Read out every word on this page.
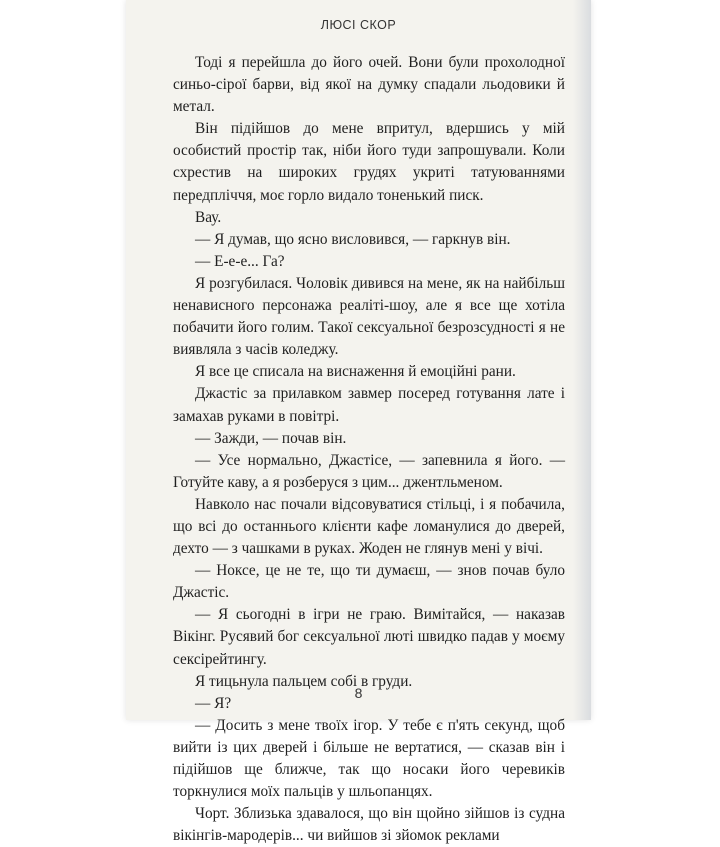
ЛЮСІ СКОР

Тоді я перейшла до його очей. Вони були прохолодної синьо-сірої барви, від якої на думку спадали льодовики й метал.

Він підійшов до мене впритул, вдершись у мій особистий простір так, ніби його туди запрошували. Коли схрестив на широких грудях укриті татуюваннями передпліччя, моє горло видало тоненький писк.

Вау.

— Я думав, що ясно висловився, — гаркнув він.

— Е-е-е... Га?

Я розгубилася. Чоловік дивився на мене, як на найбільш ненависного персонажа реаліті-шоу, але я все ще хотіла побачити його голим. Такої сексуальної безрозсудності я не виявляла з часів коледжу.

Я все це списала на виснаження й емоційні рани.

Джастіс за прилавком завмер посеред готування лате і замахав руками в повітрі.

— Зажди, — почав він.

— Усе нормально, Джастісе, — запевнила я його. — Готуйте каву, а я розберуся з цим... джентльменом.

Навколо нас почали відсовуватися стільці, і я побачила, що всі до останнього клієнти кафе ломанулися до дверей, дехто — з чашками в руках. Жоден не глянув мені у вічі.

— Ноксе, це не те, що ти думаєш, — знов почав було Джастіс.

— Я сьогодні в ігри не граю. Вимітайся, — наказав Вікінг. Русявий бог сексуальної люті швидко падав у моєму сексірейтингу.

Я тицьнула пальцем собі в груди.

— Я?

— Досить з мене твоїх ігор. У тебе є п'ять секунд, щоб вийти із цих дверей і більше не вертатися, — сказав він і підійшов ще ближче, так що носаки його черевиків торкнулися моїх пальців у шльопанцях.

Чорт. Зблизька здавалося, що він щойно зійшов із судна вікінгів-мародерів... чи вийшов зі зйомок реклами

8
